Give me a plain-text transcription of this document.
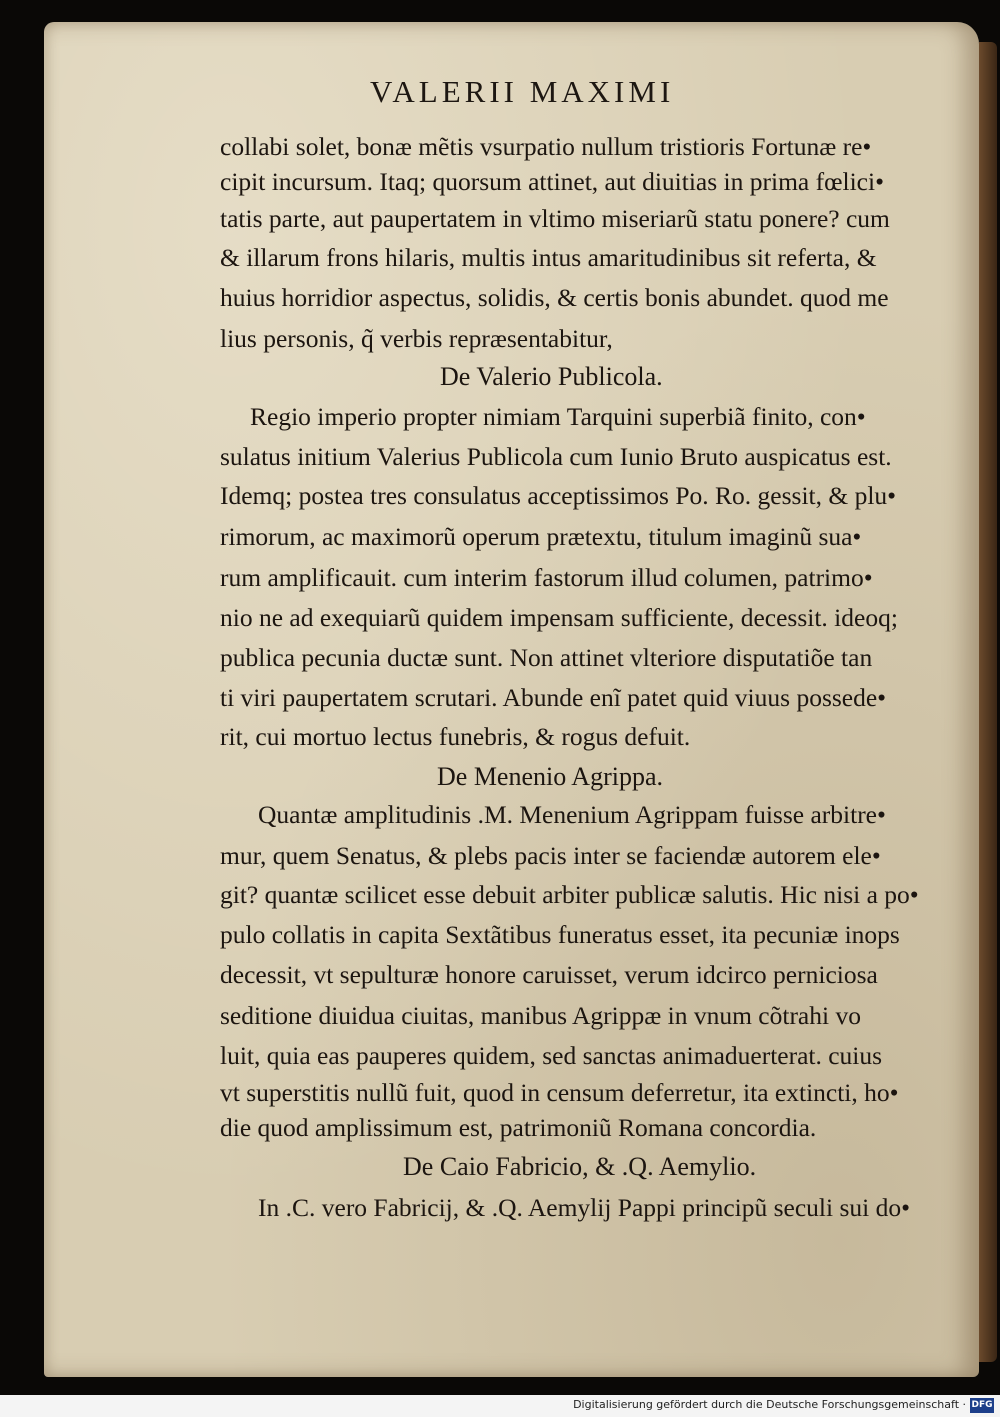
VALERII MAXIMI
collabi solet, bonæ mẽtis vsurpatio nullum tristioris Fortunæ re•
cipit incursum. Itaq; quorsum attinet, aut diuitias in prima fœlici•
tatis parte, aut paupertatem in vltimo miseriarũ statu ponere? cum
& illarum frons hilaris, multis intus amaritudinibus sit referta, &
huius horridior aspectus, solidis, & certis bonis abundet. quod me
lius personis, q̃ verbis repræsentabitur,
De Valerio Publicola.
Regio imperio propter nimiam Tarquini superbiã finito, con•
sulatus initium Valerius Publicola cum Iunio Bruto auspicatus est.
Idemq; postea tres consulatus acceptissimos Po. Ro. gessit, & plu•
rimorum, ac maximorũ operum prætextu, titulum imaginũ sua•
rum amplificauit. cum interim fastorum illud columen, patrimo•
nio ne ad exequiarũ quidem impensam sufficiente, decessit. ideoq;
publica pecunia ductæ sunt. Non attinet vlteriore disputatiõe tan
ti viri paupertatem scrutari. Abunde enĩ patet quid viuus possede•
rit, cui mortuo lectus funebris, & rogus defuit.
De Menenio Agrippa.
Quantæ amplitudinis .M. Menenium Agrippam fuisse arbitre•
mur, quem Senatus, & plebs pacis inter se faciendæ autorem ele•
git? quantæ scilicet esse debuit arbiter publicæ salutis. Hic nisi a po•
pulo collatis in capita Sextãtibus funeratus esset, ita pecuniæ inops
decessit, vt sepulturæ honore caruisset, verum idcirco perniciosa
seditione diuidua ciuitas, manibus Agrippæ in vnum cõtrahi vo
luit, quia eas pauperes quidem, sed sanctas animaduerterat. cuius
vt superstitis nullũ fuit, quod in censum deferretur, ita extincti, ho•
die quod amplissimum est, patrimoniũ Romana concordia.
De Caio Fabricio, & .Q. Aemylio.
In .C. vero Fabricij, & .Q. Aemylij Pappi principũ seculi sui do•
Digitalisierung gefördert durch die Deutsche Forschungsgemeinschaft · DFG
